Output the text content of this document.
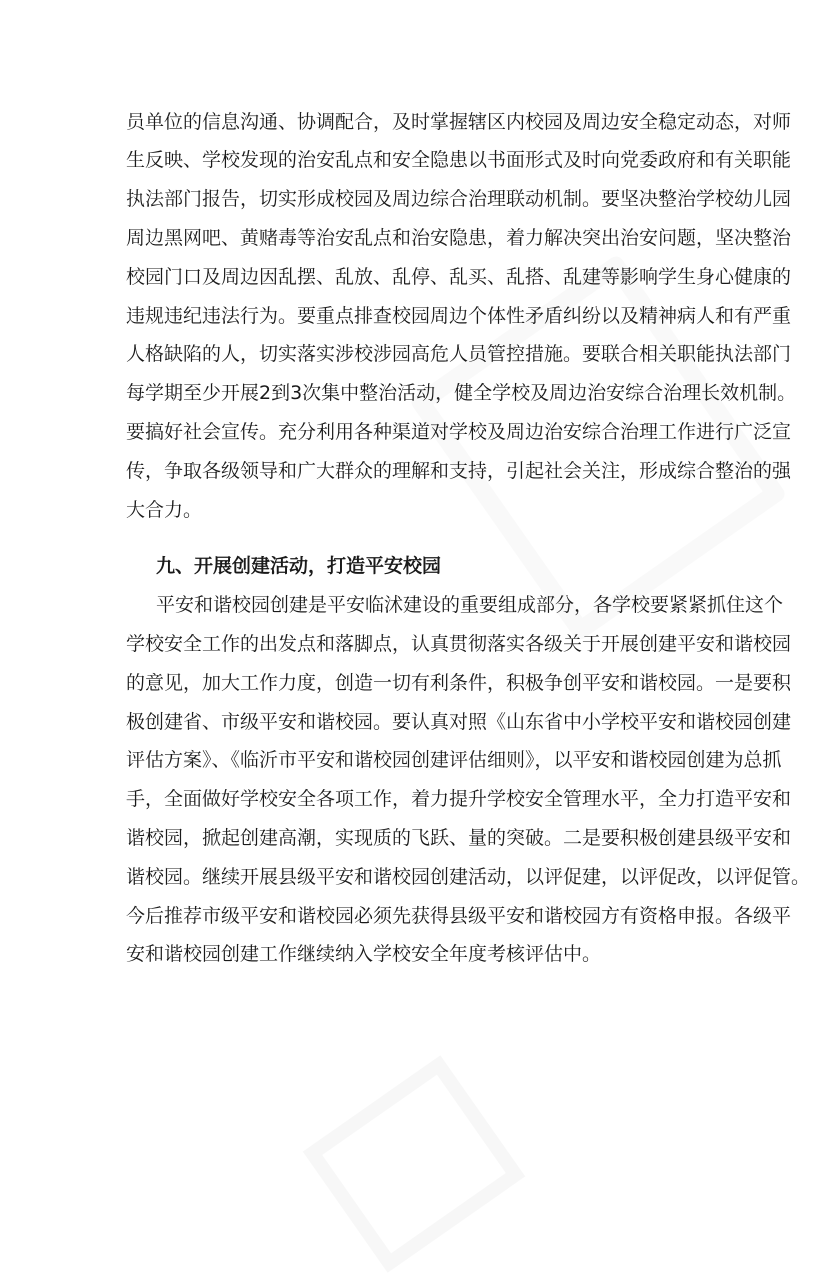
员单位的信息沟通、协调配合，及时掌握辖区内校园及周边安全稳定动态，对师
生反映、学校发现的治安乱点和安全隐患以书面形式及时向党委政府和有关职能
执法部门报告，切实形成校园及周边综合治理联动机制。要坚决整治学校幼儿园
周边黑网吧、黄赌毒等治安乱点和治安隐患，着力解决突出治安问题，坚决整治
校园门口及周边因乱摆、乱放、乱停、乱买、乱搭、乱建等影响学生身心健康的
违规违纪违法行为。要重点排查校园周边个体性矛盾纠纷以及精神病人和有严重
人格缺陷的人，切实落实涉校涉园高危人员管控措施。要联合相关职能执法部门
每学期至少开展2到3次集中整治活动，健全学校及周边治安综合治理长效机制。
要搞好社会宣传。充分利用各种渠道对学校及周边治安综合治理工作进行广泛宣
传，争取各级领导和广大群众的理解和支持，引起社会关注，形成综合整治的强
大合力。
九、开展创建活动，打造平安校园
平安和谐校园创建是平安临沭建设的重要组成部分，各学校要紧紧抓住这个
学校安全工作的出发点和落脚点，认真贯彻落实各级关于开展创建平安和谐校园
的意见，加大工作力度，创造一切有利条件，积极争创平安和谐校园。一是要积
极创建省、市级平安和谐校园。要认真对照《山东省中小学校平安和谐校园创建
评估方案》、《临沂市平安和谐校园创建评估细则》，以平安和谐校园创建为总抓
手，全面做好学校安全各项工作，着力提升学校安全管理水平，全力打造平安和
谐校园，掀起创建高潮，实现质的飞跃、量的突破。二是要积极创建县级平安和
谐校园。继续开展县级平安和谐校园创建活动，以评促建，以评促改，以评促管。
今后推荐市级平安和谐校园必须先获得县级平安和谐校园方有资格申报。各级平
安和谐校园创建工作继续纳入学校安全年度考核评估中。
